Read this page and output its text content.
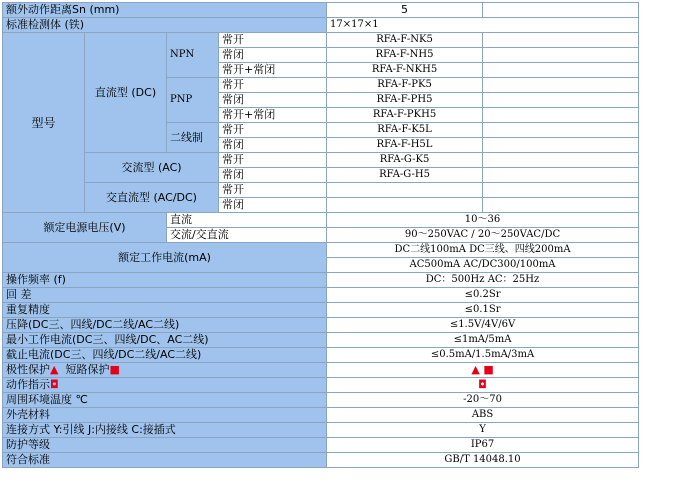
额外动作距离Sn (mm)				5	
标准检测体 (铁)				17×17×1	
型号	直流型 (DC)	NPN	常开	RFA-F-NK5	
			常闭	RFA-F-NH5	
			常开+常闭	RFA-F-NKH5	
		PNP	常开	RFA-F-PK5	
			常闭	RFA-F-PH5	
			常开+常闭	RFA-F-PKH5	
		二线制	常开	RFA-F-K5L	
			常闭	RFA-F-H5L	
	交流型 (AC)		常开	RFA-G-K5	
			常闭	RFA-G-H5	
	交直流型 (AC/DC)		常开		
			常闭		
额定电源电压(V)		直流		10～36	
		交流/交直流		90～250VAC / 20～250VAC/DC	
额定工作电流(mA)				DC二线100mA DC三线、四线200mA	
				AC500mA AC/DC300/100mA	
操作频率 (f)				DC：500Hz AC：25Hz	
回 差				≤0.2Sr	
重复精度				≤0.1Sr	
压降(DC三、四线/DC二线/AC二线)				≤1.5V/4V/6V	
最小工作电流(DC三、四线/DC、AC二线)				≤1mA/5mA	
截止电流(DC三、四线/DC二线/AC二线)				≤0.5mA/1.5mA/3mA	
极性保护▲ 短路保护■				▲ ■	
动作指示◘				◘	
周围环境温度 ℃				-20～70	
外壳材料				ABS	
连接方式 Y:引线 J:内接线 C:接插式				Y	
防护等级				IP67	
符合标准				GB/T 14048.10	
